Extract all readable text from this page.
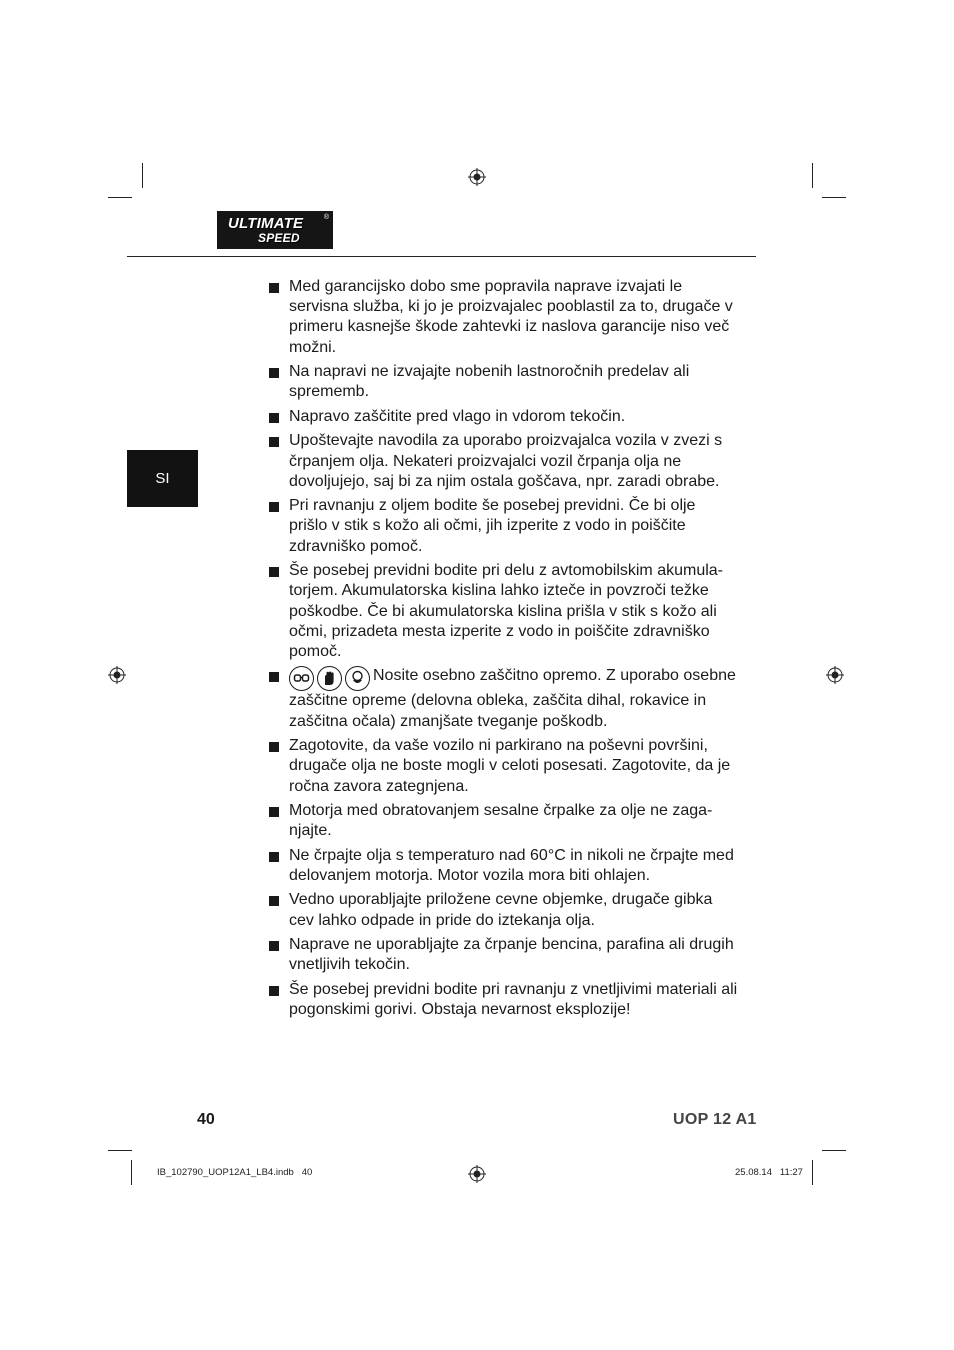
ULTIMATE
SPEED
®
SI
Med garancijsko dobo sme popravila naprave izvajati le servisna služba, ki jo je proizvajalec pooblastil za to, drugače v primeru kasnejše škode zahtevki iz naslova garancije niso več možni.
Na napravi ne izvajajte nobenih lastnoročnih predelav ali sprememb.
Napravo zaščitite pred vlago in vdorom tekočin.
Upoštevajte navodila za uporabo proizvajalca vozila v zvezi s črpanjem olja. Nekateri proizvajalci vozil črpanja olja ne dovoljujejo, saj bi za njim ostala goščava, npr. zaradi obrabe.
Pri ravnanju z oljem bodite še posebej previdni. Če bi olje prišlo v stik s kožo ali očmi, jih izperite z vodo in poiščite zdravniško pomoč.
Še posebej previdni bodite pri delu z avtomobilskim akumula-torjem. Akumulatorska kislina lahko izteče in povzroči težke poškodbe. Če bi akumulatorska kislina prišla v stik s kožo ali očmi, prizadeta mesta izperite z vodo in poiščite zdravniško pomoč.
Nosite osebno zaščitno opremo. Z uporabo osebne zaščitne opreme (delovna obleka, zaščita dihal, rokavice in zaščitna očala) zmanjšate tveganje poškodb.
Zagotovite, da vaše vozilo ni parkirano na poševni površini, drugače olja ne boste mogli v celoti posesati. Zagotovite, da je ročna zavora zategnjena.
Motorja med obratovanjem sesalne črpalke za olje ne zaga-njajte.
Ne črpajte olja s temperaturo nad 60°C in nikoli ne črpajte med delovanjem motorja. Motor vozila mora biti ohlajen.
Vedno uporabljajte priložene cevne objemke, drugače gibka cev lahko odpade in pride do iztekanja olja.
Naprave ne uporabljajte za črpanje bencina, parafina ali drugih vnetljivih tekočin.
Še posebej previdni bodite pri ravnanju z vnetljivimi materiali ali pogonskimi gorivi. Obstaja nevarnost eksplozije!
40	UOP 12 A1
IB_102790_UOP12A1_LB4.indb   40	25.08.14   11:27
